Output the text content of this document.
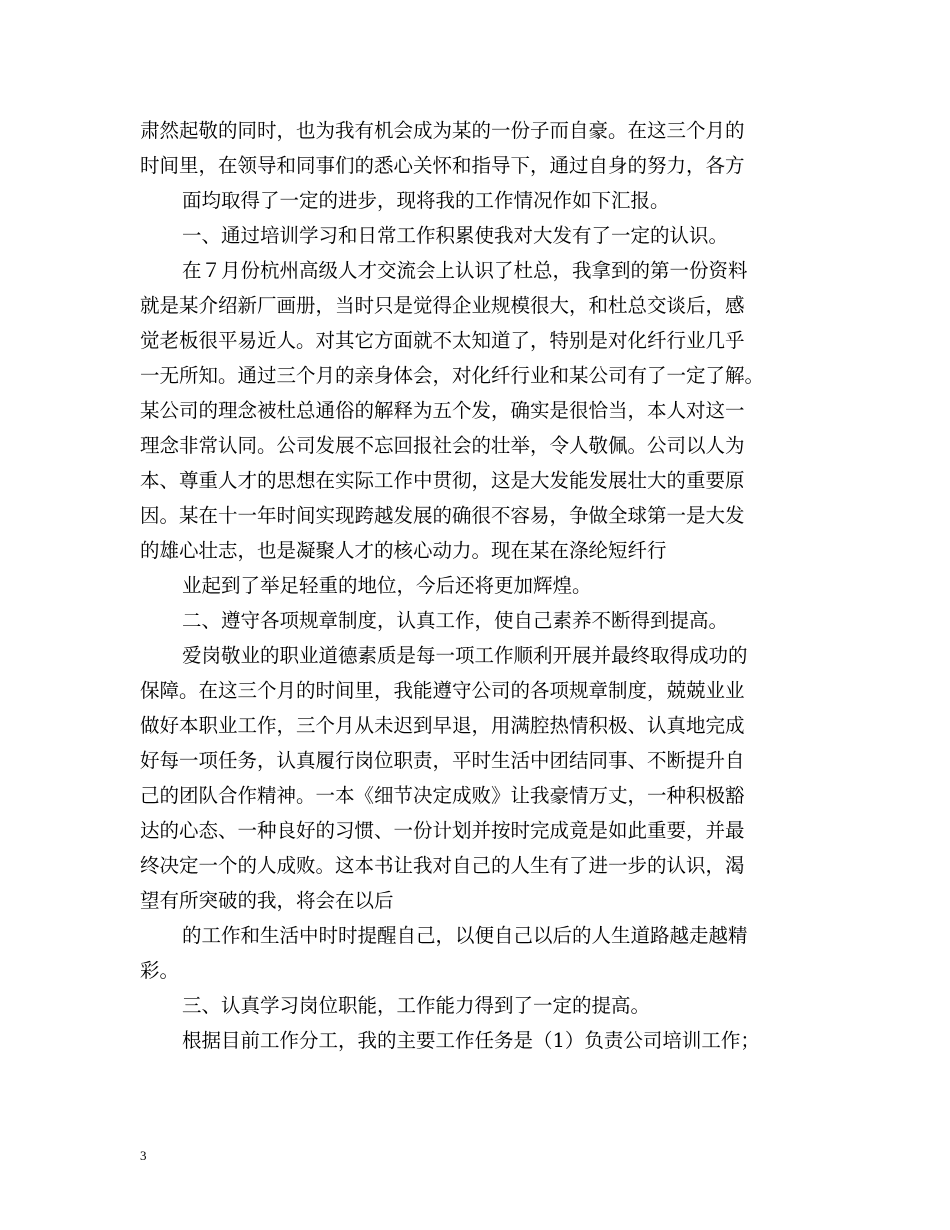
肃然起敬的同时，也为我有机会成为某的一份子而自豪。在这三个月的
时间里，在领导和同事们的悉心关怀和指导下，通过自身的努力，各方
面均取得了一定的进步，现将我的工作情况作如下汇报。
一、通过培训学习和日常工作积累使我对大发有了一定的认识。
在７月份杭州高级人才交流会上认识了杜总，我拿到的第一份资料
就是某介绍新厂画册，当时只是觉得企业规模很大，和杜总交谈后，感
觉老板很平易近人。对其它方面就不太知道了，特别是对化纤行业几乎
一无所知。通过三个月的亲身体会，对化纤行业和某公司有了一定了解。
某公司的理念被杜总通俗的解释为五个发，确实是很恰当，本人对这一
理念非常认同。公司发展不忘回报社会的壮举，令人敬佩。公司以人为
本、尊重人才的思想在实际工作中贯彻，这是大发能发展壮大的重要原
因。某在十一年时间实现跨越发展的确很不容易，争做全球第一是大发
的雄心壮志，也是凝聚人才的核心动力。现在某在涤纶短纤行
业起到了举足轻重的地位，今后还将更加辉煌。
二、遵守各项规章制度，认真工作，使自己素养不断得到提高。
爱岗敬业的职业道德素质是每一项工作顺利开展并最终取得成功的
保障。在这三个月的时间里，我能遵守公司的各项规章制度，兢兢业业
做好本职业工作，三个月从未迟到早退，用满腔热情积极、认真地完成
好每一项任务，认真履行岗位职责，平时生活中团结同事、不断提升自
己的团队合作精神。一本《细节决定成败》让我豪情万丈，一种积极豁
达的心态、一种良好的习惯、一份计划并按时完成竟是如此重要，并最
终决定一个的人成败。这本书让我对自己的人生有了进一步的认识，渴
望有所突破的我，将会在以后
的工作和生活中时时提醒自己，以便自己以后的人生道路越走越精
彩。
三、认真学习岗位职能，工作能力得到了一定的提高。
根据目前工作分工，我的主要工作任务是（1）负责公司培训工作；
3
